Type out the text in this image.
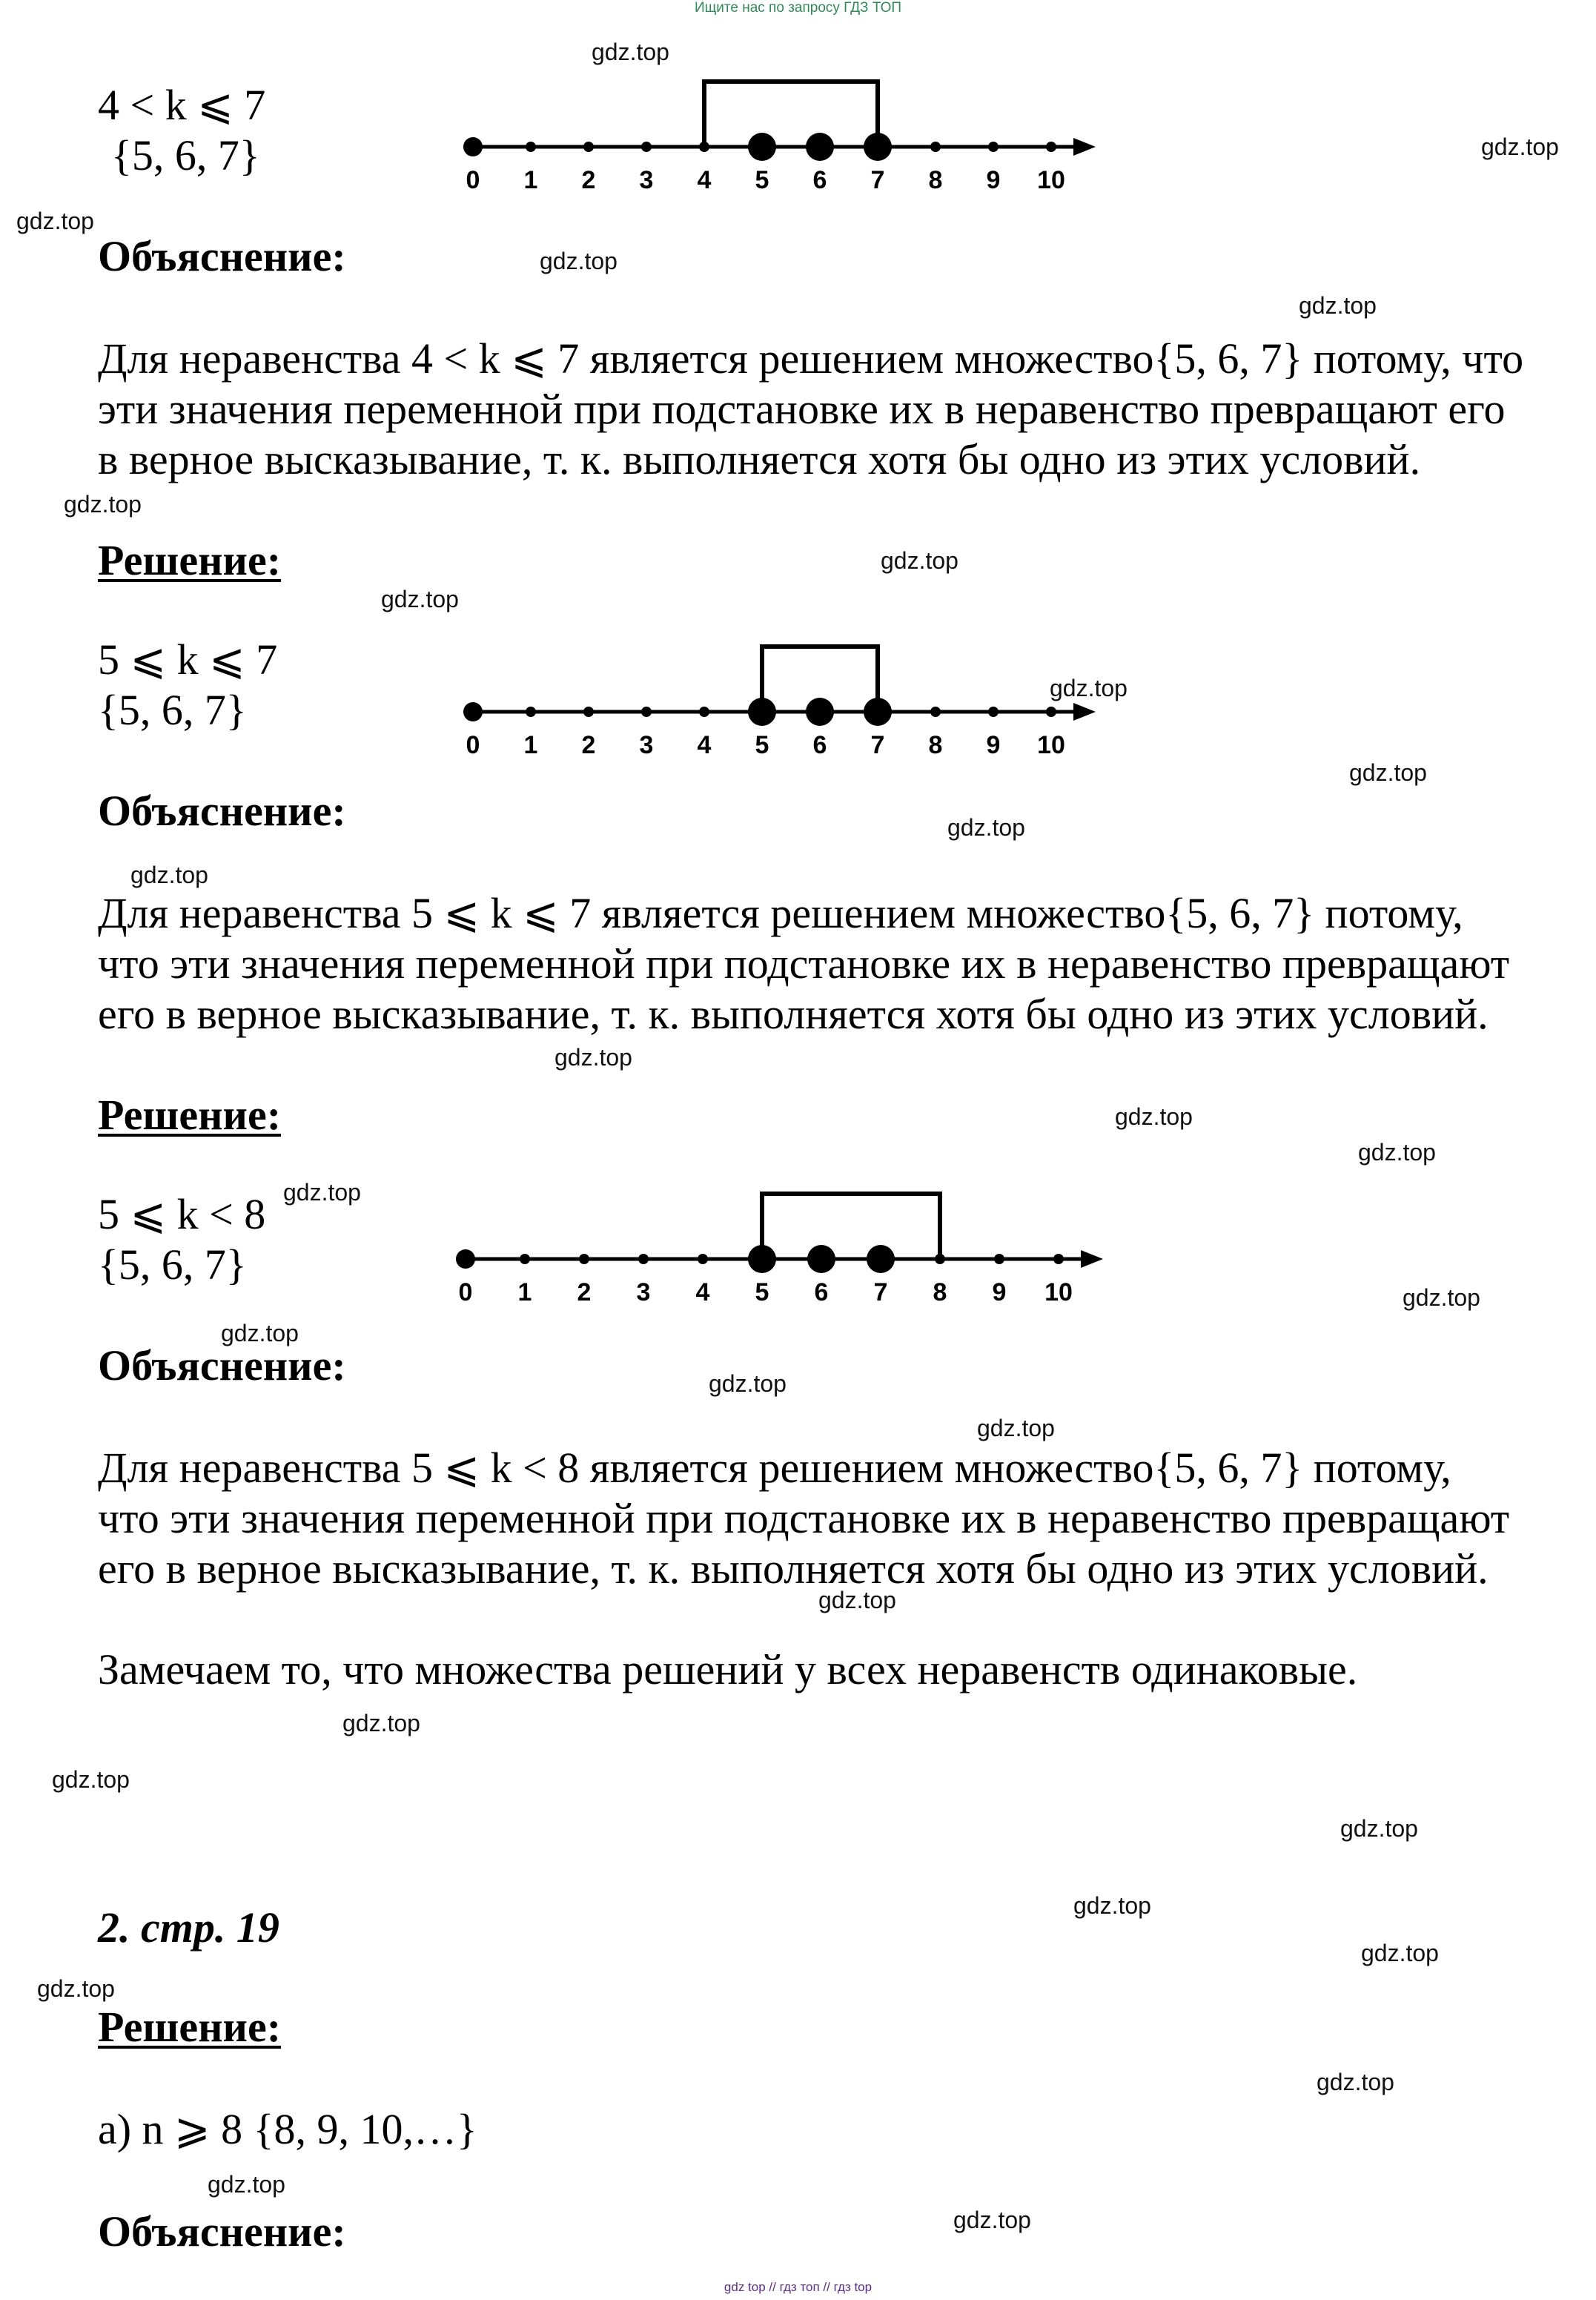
Ищите нас по запросу ГДЗ ТОП
4 < k ⩽ 7
{5, 6, 7}
0 1 2 3 4 5 6 7 8 9 10
Объяснение:
Для неравенства 4 < k ⩽ 7 является решением множество{5, 6, 7} потому, что
эти значения переменной при подстановке их в неравенство превращают его
в верное высказывание, т. к. выполняется хотя бы одно из этих условий.
Решение:
5 ⩽ k ⩽ 7
{5, 6, 7}
0 1 2 3 4 5 6 7 8 9 10
Объяснение:
Для неравенства 5 ⩽ k ⩽ 7 является решением множество{5, 6, 7} потому,
что эти значения переменной при подстановке их в неравенство превращают
его в верное высказывание, т. к. выполняется хотя бы одно из этих условий.
Решение:
5 ⩽ k < 8
{5, 6, 7}
0 1 2 3 4 5 6 7 8 9 10
Объяснение:
Для неравенства 5 ⩽ k < 8 является решением множество{5, 6, 7} потому,
что эти значения переменной при подстановке их в неравенство превращают
его в верное высказывание, т. к. выполняется хотя бы одно из этих условий.
Замечаем то, что множества решений у всех неравенств одинаковые.
2. стр. 19
Решение:
а) n ⩾ 8 {8, 9, 10,…}
Объяснение:
gdz.top
gdz.top
gdz.top
gdz.top
gdz.top
gdz.top
gdz.top
gdz.top
gdz.top
gdz.top
gdz.top
gdz.top
gdz.top
gdz.top
gdz.top
gdz.top
gdz.top
gdz.top
gdz.top
gdz.top
gdz.top
gdz.top
gdz.top
gdz.top
gdz.top
gdz.top
gdz.top
gdz.top
gdz.top
gdz.top
gdz top // гдз топ // гдз top
